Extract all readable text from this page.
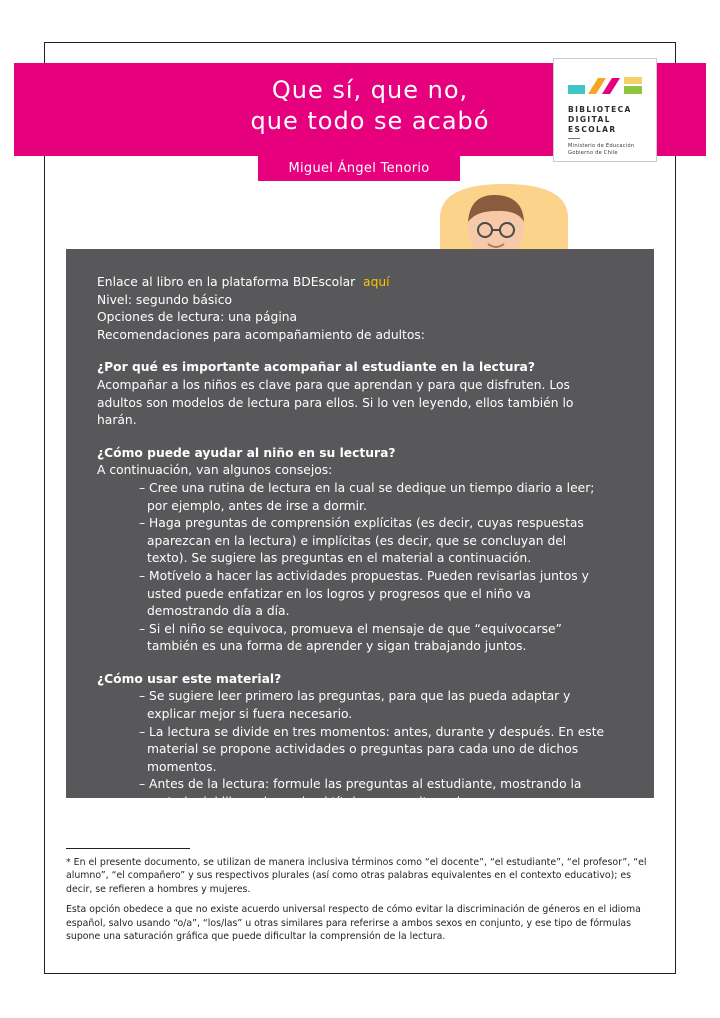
Que sí, que no,
que todo se acabó
Miguel Ángel Tenorio
BIBLIOTECA
DIGITAL
ESCOLAR
Ministerio de Educación
Gobierno de Chile
Enlace al libro en la plataforma BDEscolar aquí
Nivel: segundo básico
Opciones de lectura: una página
Recomendaciones para acompañamiento de adultos:
¿Por qué es importante acompañar al estudiante en la lectura?
Acompañar a los niños es clave para que aprendan y para que disfruten. Los adultos son modelos de lectura para ellos. Si lo ven leyendo, ellos también lo harán.
¿Cómo puede ayudar al niño en su lectura?
A continuación, van algunos consejos:
– Cree una rutina de lectura en la cual se dedique un tiempo diario a leer; por ejemplo, antes de irse a dormir.
– Haga preguntas de comprensión explícitas (es decir, cuyas respuestas aparezcan en la lectura) e implícitas (es decir, que se concluyan del texto). Se sugiere las preguntas en el material a continuación.
– Motívelo a hacer las actividades propuestas. Pueden revisarlas juntos y usted puede enfatizar en los logros y progresos que el niño va demostrando día a día.
– Si el niño se equivoca, promueva el mensaje de que “equivocarse” también es una forma de aprender y sigan trabajando juntos.
¿Cómo usar este material?
– Se sugiere leer primero las preguntas, para que las pueda adaptar y explicar mejor si fuera necesario.
– La lectura se divide en tres momentos: antes, durante y después. En este material se propone actividades o preguntas para cada uno de dichos momentos.
– Antes de la lectura: formule las preguntas al estudiante, mostrando la portada del libro y leyendo el título en voz alta y clara.

* En el presente documento, se utilizan de manera inclusiva términos como “el docente”, “el estudiante”, “el profesor”, “el alumno”, “el compañero” y sus respectivos plurales (así como otras palabras equivalentes en el contexto educativo); es decir, se refieren a hombres y mujeres.

Esta opción obedece a que no existe acuerdo universal respecto de cómo evitar la discriminación de géneros en el idioma español, salvo usando “o/a”, “los/las” u otras similares para referirse a ambos sexos en conjunto, y ese tipo de fórmulas supone una saturación gráfica que puede dificultar la comprensión de la lectura.
